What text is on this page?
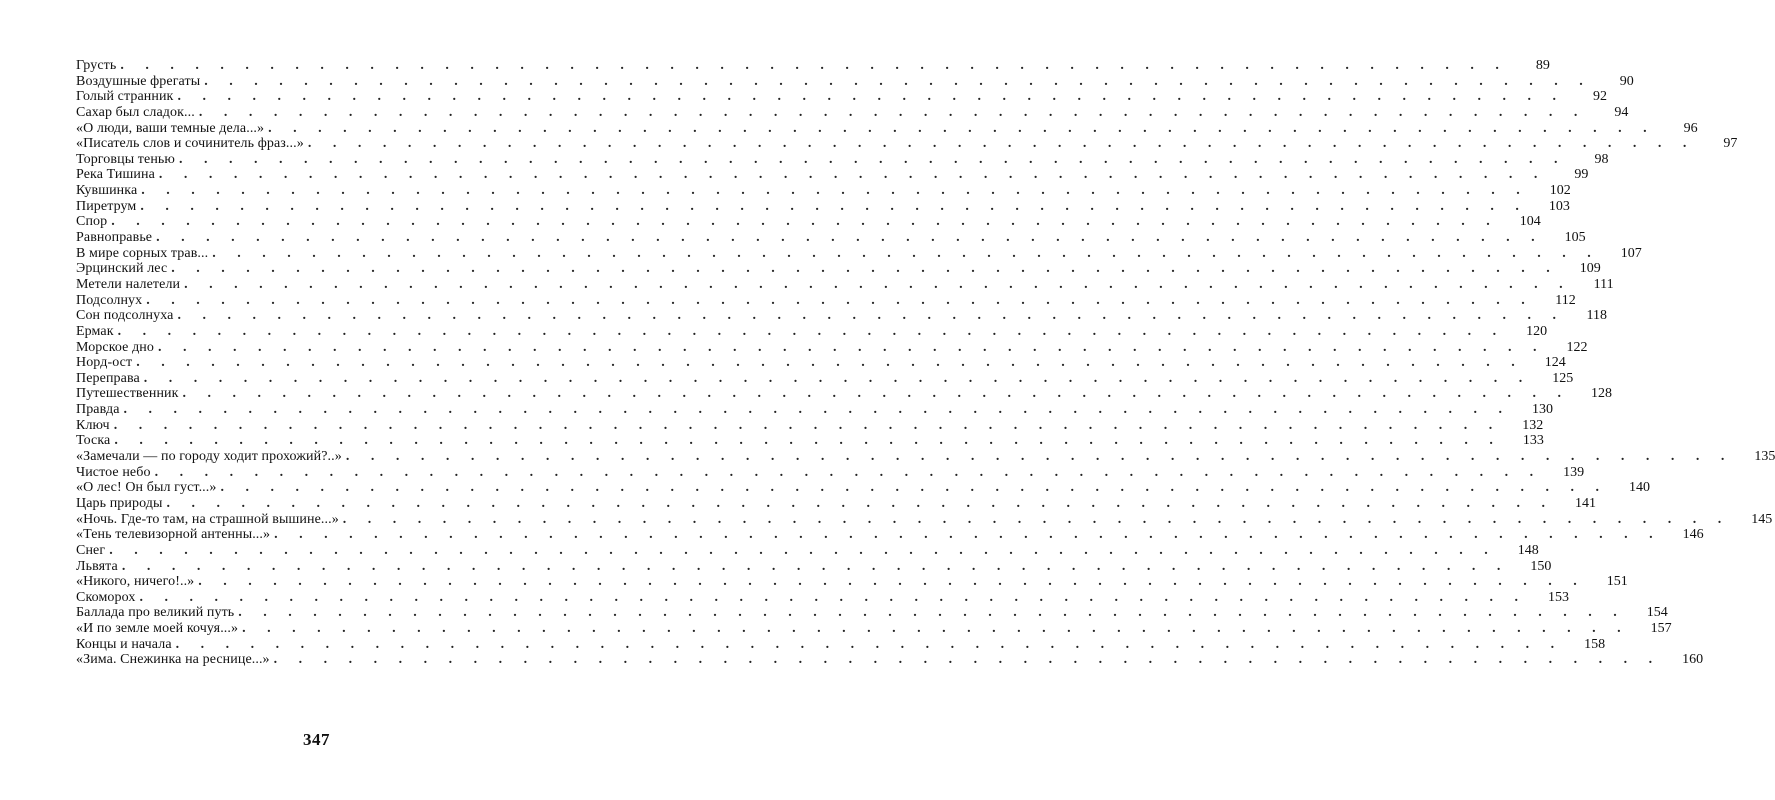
Грусть . . . . . . . . . . . . . . . . . . . . . . . . . . . . . . . . . . . . . . . . . . . . . . . . . . . . . . . .	89
Воздушные фрегаты . . . . . . . . . . . . . . . . . . . . . . . . . . . . . . . . . . . . . . . . . . . . . . . . . . . . . . . .	90
Голый странник . . . . . . . . . . . . . . . . . . . . . . . . . . . . . . . . . . . . . . . . . . . . . . . . . . . . . . . .	92
Сахар был сладок... . . . . . . . . . . . . . . . . . . . . . . . . . . . . . . . . . . . . . . . . . . . . . . . . . . . . . . . .	94
«О люди, ваши темные дела...» . . . . . . . . . . . . . . . . . . . . . . . . . . . . . . . . . . . . . . . . . . . . . . . . . . . . . . . .	96
«Писатель слов и сочинитель фраз...» . . . . . . . . . . . . . . . . . . . . . . . . . . . . . . . . . . . . . . . . . . . . . . . . . . . . . . . .	97
Торговцы тенью . . . . . . . . . . . . . . . . . . . . . . . . . . . . . . . . . . . . . . . . . . . . . . . . . . . . . . . .	98
Река Тишина . . . . . . . . . . . . . . . . . . . . . . . . . . . . . . . . . . . . . . . . . . . . . . . . . . . . . . . .	99
Кувшинка . . . . . . . . . . . . . . . . . . . . . . . . . . . . . . . . . . . . . . . . . . . . . . . . . . . . . . . .	102
Пиретрум . . . . . . . . . . . . . . . . . . . . . . . . . . . . . . . . . . . . . . . . . . . . . . . . . . . . . . . .	103
Спор . . . . . . . . . . . . . . . . . . . . . . . . . . . . . . . . . . . . . . . . . . . . . . . . . . . . . . . .	104
Равноправье . . . . . . . . . . . . . . . . . . . . . . . . . . . . . . . . . . . . . . . . . . . . . . . . . . . . . . . .	105
В мире сорных трав... . . . . . . . . . . . . . . . . . . . . . . . . . . . . . . . . . . . . . . . . . . . . . . . . . . . . . . . .	107
Эрцинский лес . . . . . . . . . . . . . . . . . . . . . . . . . . . . . . . . . . . . . . . . . . . . . . . . . . . . . . . .	109
Метели налетели . . . . . . . . . . . . . . . . . . . . . . . . . . . . . . . . . . . . . . . . . . . . . . . . . . . . . . . .	111
Подсолнух . . . . . . . . . . . . . . . . . . . . . . . . . . . . . . . . . . . . . . . . . . . . . . . . . . . . . . . .	112
Сон подсолнуха . . . . . . . . . . . . . . . . . . . . . . . . . . . . . . . . . . . . . . . . . . . . . . . . . . . . . . . .	118
Ермак . . . . . . . . . . . . . . . . . . . . . . . . . . . . . . . . . . . . . . . . . . . . . . . . . . . . . . . .	120
Морское дно . . . . . . . . . . . . . . . . . . . . . . . . . . . . . . . . . . . . . . . . . . . . . . . . . . . . . . . .	122
Норд-ост . . . . . . . . . . . . . . . . . . . . . . . . . . . . . . . . . . . . . . . . . . . . . . . . . . . . . . . .	124
Переправа . . . . . . . . . . . . . . . . . . . . . . . . . . . . . . . . . . . . . . . . . . . . . . . . . . . . . . . .	125
Путешественник . . . . . . . . . . . . . . . . . . . . . . . . . . . . . . . . . . . . . . . . . . . . . . . . . . . . . . . .	128
Правда . . . . . . . . . . . . . . . . . . . . . . . . . . . . . . . . . . . . . . . . . . . . . . . . . . . . . . . .	130
Ключ . . . . . . . . . . . . . . . . . . . . . . . . . . . . . . . . . . . . . . . . . . . . . . . . . . . . . . . .	132
Тоска . . . . . . . . . . . . . . . . . . . . . . . . . . . . . . . . . . . . . . . . . . . . . . . . . . . . . . . .	133
«Замечали — по городу ходит прохожий?..» . . . . . . . . . . . . . . . . . . . . . . . . . . . . . . . . . . . . . . . . . . . . . . . . . . . . . . . .	135
Чистое небо . . . . . . . . . . . . . . . . . . . . . . . . . . . . . . . . . . . . . . . . . . . . . . . . . . . . . . . .	139
«О лес! Он был густ...» . . . . . . . . . . . . . . . . . . . . . . . . . . . . . . . . . . . . . . . . . . . . . . . . . . . . . . . .	140
Царь природы . . . . . . . . . . . . . . . . . . . . . . . . . . . . . . . . . . . . . . . . . . . . . . . . . . . . . . . .	141
«Ночь. Где-то там, на страшной вышине...» . . . . . . . . . . . . . . . . . . . . . . . . . . . . . . . . . . . . . . . . . . . . . . . . . . . . . . . .	145
«Тень телевизорной антенны...» . . . . . . . . . . . . . . . . . . . . . . . . . . . . . . . . . . . . . . . . . . . . . . . . . . . . . . . .	146
Снег . . . . . . . . . . . . . . . . . . . . . . . . . . . . . . . . . . . . . . . . . . . . . . . . . . . . . . . .	148
Львята . . . . . . . . . . . . . . . . . . . . . . . . . . . . . . . . . . . . . . . . . . . . . . . . . . . . . . . .	150
«Никого, ничего!..» . . . . . . . . . . . . . . . . . . . . . . . . . . . . . . . . . . . . . . . . . . . . . . . . . . . . . . . .	151
Скоморох . . . . . . . . . . . . . . . . . . . . . . . . . . . . . . . . . . . . . . . . . . . . . . . . . . . . . . . .	153
Баллада про великий путь . . . . . . . . . . . . . . . . . . . . . . . . . . . . . . . . . . . . . . . . . . . . . . . . . . . . . . . .	154
«И по земле моей кочуя...» . . . . . . . . . . . . . . . . . . . . . . . . . . . . . . . . . . . . . . . . . . . . . . . . . . . . . . . .	157
Концы и начала . . . . . . . . . . . . . . . . . . . . . . . . . . . . . . . . . . . . . . . . . . . . . . . . . . . . . . . .	158
«Зима. Снежинка на реснице...» . . . . . . . . . . . . . . . . . . . . . . . . . . . . . . . . . . . . . . . . . . . . . . . . . . . . . . . .	160
347
